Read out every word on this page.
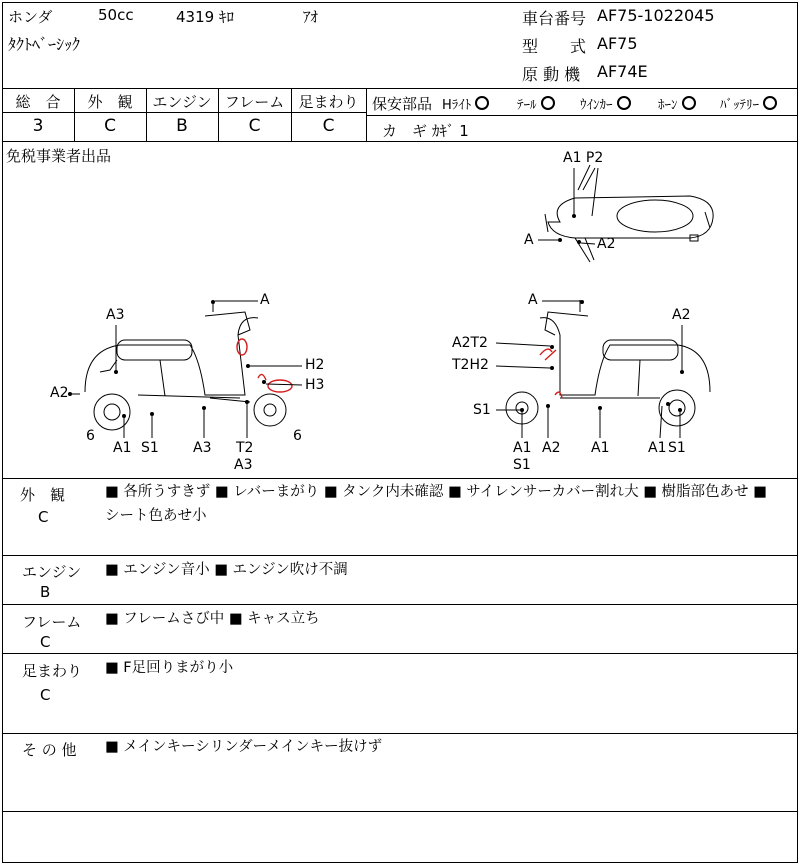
ホンダ	50cc	4319 ｷﾛ	ｱｵ
ﾀｸﾄﾍﾞｰｼｯｸ
車台番号 AF75-1022045
型　　式 AF75
原 動 機 AF74E
総　合	外　観	エンジン フレーム 足まわり
3	C	B	C	C
保安部品 Hﾗｲﾄ	ﾃｰﾙ	ｳｲﾝｶｰ	ﾎｰﾝ	ﾊﾞｯﾃﾘｰ
カ　ギ ｶｷﾞ 1
免税事業者出品	A1 P2
A	A2
A
A3
H2
H3
A2
6
A1 S1 A3 T2
A3
6
A
A2
A2T2
T2H2
S1
A1
S1
A2 A1	A1 S1
外　観
C
■ 各所うすきず ■ レバーまがり ■ タンク内未確認 ■ サイレンサーカバー割れ大 ■ 樹脂部色あせ ■
シート色あせ小
エンジン
B
■ エンジン音小 ■ エンジン吹け不調
フレーム
C
■ フレームさび中 ■ キャス立ち
足まわり
C
■ F足回りまがり小
そ の 他 ■ メインキーシリンダーメインキー抜けず
